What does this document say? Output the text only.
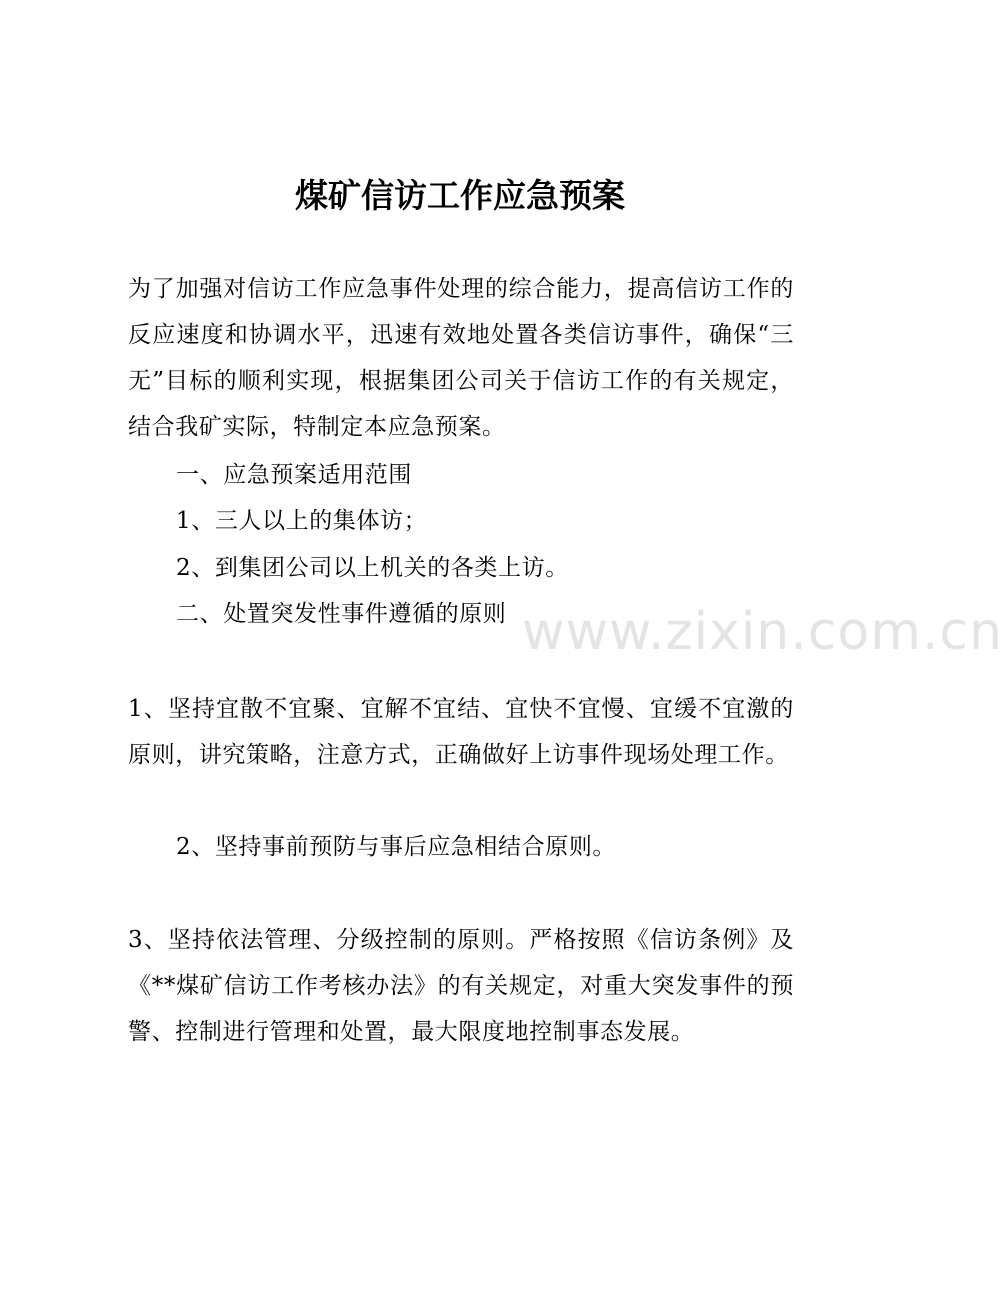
煤矿信访工作应急预案
为了加强对信访工作应急事件处理的综合能力，提高信访工作的反应速度和协调水平，迅速有效地处置各类信访事件，确保“三无”目标的顺利实现，根据集团公司关于信访工作的有关规定，结合我矿实际，特制定本应急预案。
一、应急预案适用范围
1、三人以上的集体访；
2、到集团公司以上机关的各类上访。
二、处置突发性事件遵循的原则 www.zixin.com.cn
1、坚持宜散不宜聚、宜解不宜结、宜快不宜慢、宜缓不宜激的原则，讲究策略，注意方式，正确做好上访事件现场处理工作。
2、坚持事前预防与事后应急相结合原则。
3、坚持依法管理、分级控制的原则。严格按照《信访条例》及《**煤矿信访工作考核办法》的有关规定，对重大突发事件的预警、控制进行管理和处置，最大限度地控制事态发展。
